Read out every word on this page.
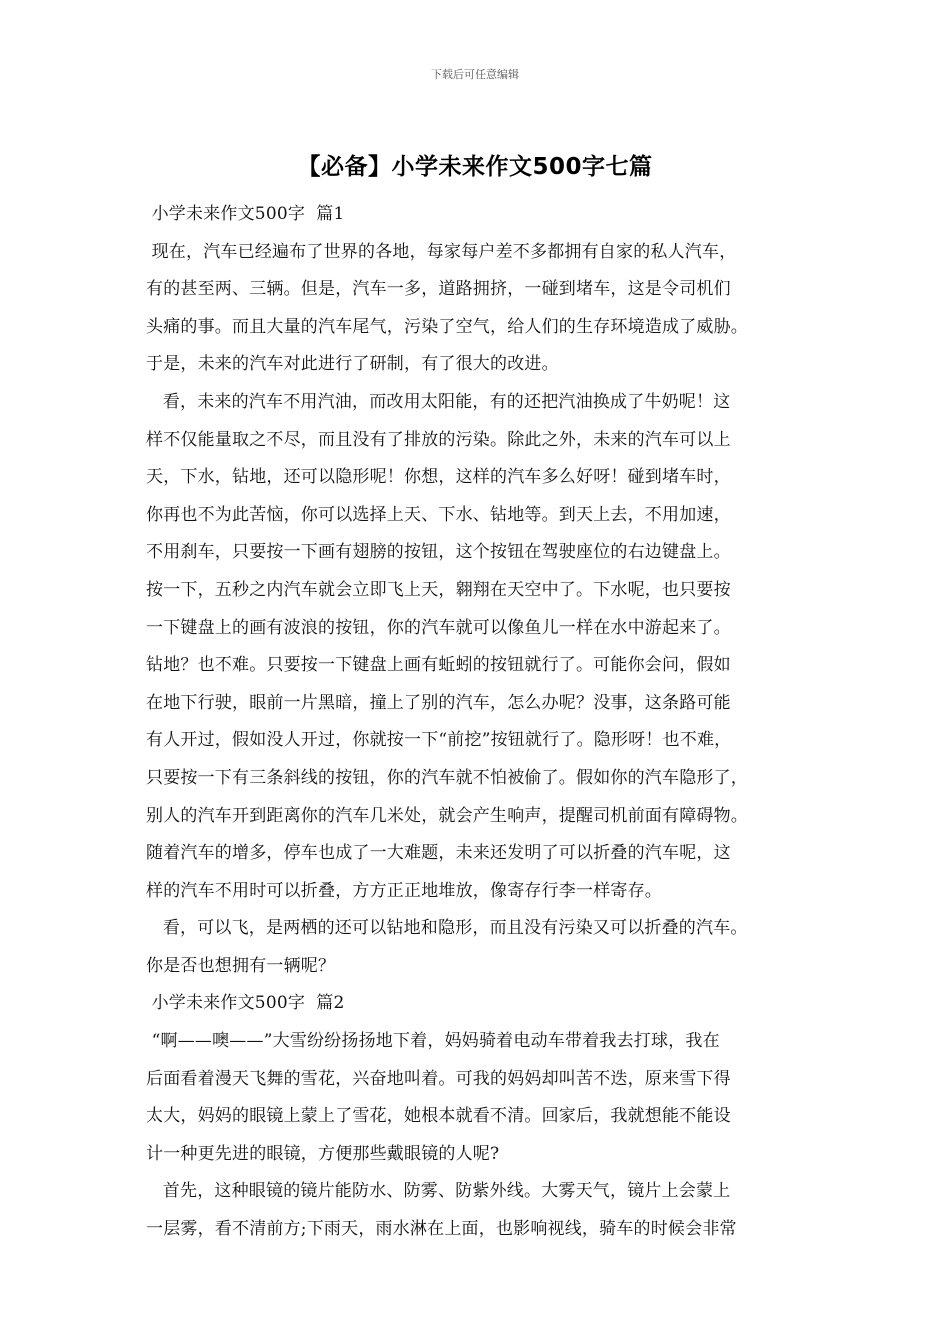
下载后可任意编辑
【必备】小学未来作文500字七篇
小学未来作文500字  篇1
现在，汽车已经遍布了世界的各地，每家每户差不多都拥有自家的私人汽车，
有的甚至两、三辆。但是，汽车一多，道路拥挤，一碰到堵车，这是令司机们
头痛的事。而且大量的汽车尾气，污染了空气，给人们的生存环境造成了威胁。
于是，未来的汽车对此进行了研制，有了很大的改进。
看，未来的汽车不用汽油，而改用太阳能，有的还把汽油换成了牛奶呢！这
样不仅能量取之不尽，而且没有了排放的污染。除此之外，未来的汽车可以上
天，下水，钻地，还可以隐形呢！你想，这样的汽车多么好呀！碰到堵车时，
你再也不为此苦恼，你可以选择上天、下水、钻地等。到天上去，不用加速，
不用刹车，只要按一下画有翅膀的按钮，这个按钮在驾驶座位的右边键盘上。
按一下，五秒之内汽车就会立即飞上天，翱翔在天空中了。下水呢，也只要按
一下键盘上的画有波浪的按钮，你的汽车就可以像鱼儿一样在水中游起来了。
钻地？也不难。只要按一下键盘上画有蚯蚓的按钮就行了。可能你会问，假如
在地下行驶，眼前一片黑暗，撞上了别的汽车，怎么办呢？没事，这条路可能
有人开过，假如没人开过，你就按一下“前挖”按钮就行了。隐形呀！也不难，
只要按一下有三条斜线的按钮，你的汽车就不怕被偷了。假如你的汽车隐形了，
别人的汽车开到距离你的汽车几米处，就会产生响声，提醒司机前面有障碍物。
随着汽车的增多，停车也成了一大难题，未来还发明了可以折叠的汽车呢，这
样的汽车不用时可以折叠，方方正正地堆放，像寄存行李一样寄存。
看，可以飞，是两栖的还可以钻地和隐形，而且没有污染又可以折叠的汽车。
你是否也想拥有一辆呢？
小学未来作文500字  篇2
“啊——噢——”大雪纷纷扬扬地下着，妈妈骑着电动车带着我去打球，我在
后面看着漫天飞舞的雪花，兴奋地叫着。可我的妈妈却叫苦不迭，原来雪下得
太大，妈妈的眼镜上蒙上了雪花，她根本就看不清。回家后，我就想能不能设
计一种更先进的眼镜，方便那些戴眼镜的人呢?
首先，这种眼镜的镜片能防水、防雾、防紫外线。大雾天气，镜片上会蒙上
一层雾，看不清前方;下雨天，雨水淋在上面，也影响视线，骑车的时候会非常
